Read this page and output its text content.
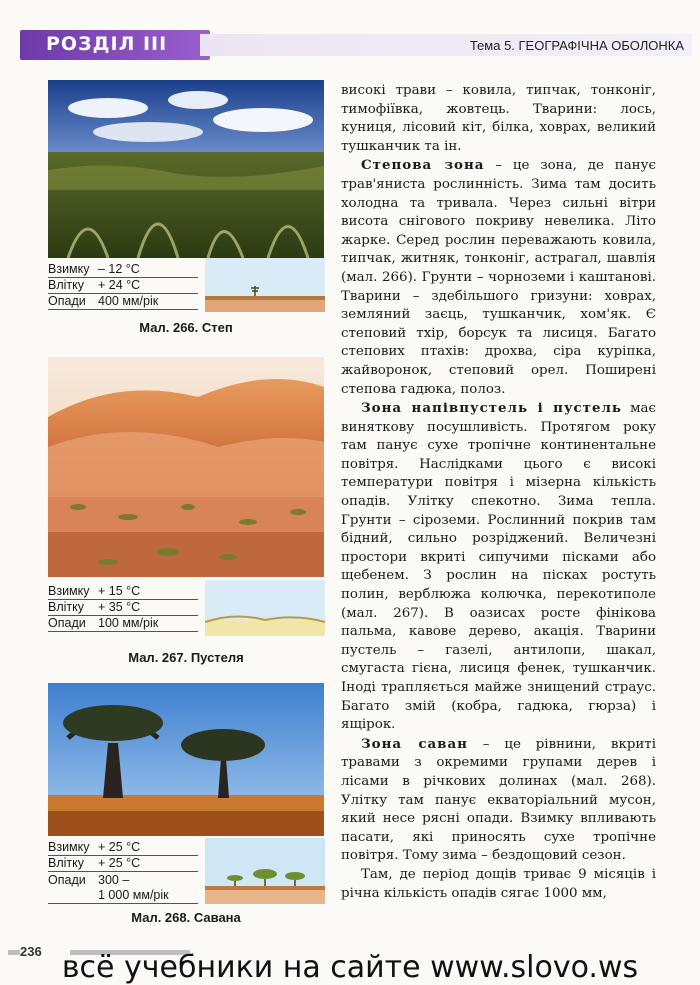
РОЗДІЛ III	Тема 5. ГЕОГРАФІЧНА ОБОЛОНКА
Взимку – 12 °С
Влітку	+ 24 °С
Опади 400 мм/рік
Мал. 266. Степ
Взимку + 15 °С
Влітку	+ 35 °С
Опади 100 мм/рік
Мал. 267. Пустеля
Взимку + 25 °С
Влітку	+ 25 °С
Опади 300 –
1 000 мм/рік
Мал. 268. Савана

високі трави – ковила, типчак, тонконіг, тимофіївка, жовтець. Тварини: лось, куниця, лісовий кіт, білка, ховрах, великий тушканчик та ін.

Степова зона – це зона, де панує трав'яниста рослинність. Зима там досить холодна та тривала. Через сильні вітри висота снігового покриву невелика. Літо жарке. Серед рослин переважають ковила, типчак, житняк, тонконіг, астрагал, шавлія (мал. 266). Грунти – чорноземи і каштанові. Тварини – здебільшого гризуни: ховрах, земляний заєць, тушканчик, хом'як. Є степовий тхір, борсук та лисиця. Багато степових птахів: дрохва, сіра куріпка, жайворонок, степовий орел. Поширені степова гадюка, полоз.

Зона напівпустель і пустель має виняткову посушливість. Протягом року там панує сухе тропічне континентальне повітря. Наслідками цього є високі температури повітря і мізерна кількість опадів. Улітку спекотно. Зима тепла. Грунти – сіроземи. Рослинний покрив там бідний, сильно розріджений. Величезні простори вкриті сипучими пісками або щебенем. З рослин на пісках ростуть полин, верблюжа колючка, перекотиполе (мал. 267). В оазисах росте фінікова пальма, кавове дерево, акація. Тварини пустель – газелі, антилопи, шакал, смугаста гієна, лисиця фенек, тушканчик. Іноді трапляється майже знищений страус. Багато змій (кобра, гадюка, гюрза) і ящірок.

Зона саван – це рівнини, вкриті травами з окремими групами дерев і лісами в річкових долинах (мал. 268). Улітку там панує екваторіальний мусон, який несе рясні опади. Взимку впливають пасати, які приносять сухе тропічне повітря. Тому зима – бездощовий сезон.

Там, де період дощів триває 9 місяців і річна кількість опадів сягає 1000 мм,

236 всё учебники на сайте www.slovo.ws
